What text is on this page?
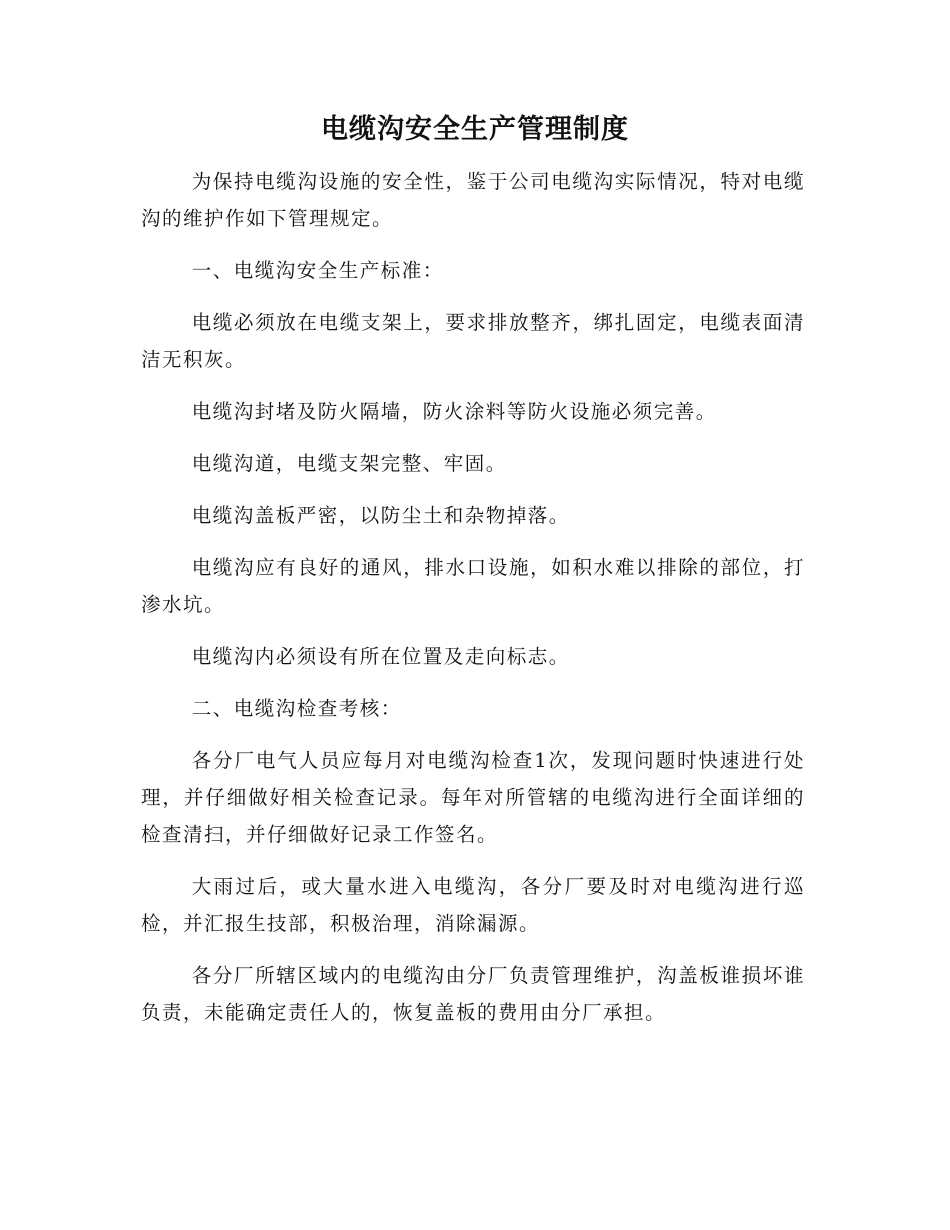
电缆沟安全生产管理制度

为保持电缆沟设施的安全性，鉴于公司电缆沟实际情况，特对电缆沟的维护作如下管理规定。

一、电缆沟安全生产标准：

电缆必须放在电缆支架上，要求排放整齐，绑扎固定，电缆表面清洁无积灰。

电缆沟封堵及防火隔墙，防火涂料等防火设施必须完善。

电缆沟道，电缆支架完整、牢固。

电缆沟盖板严密，以防尘土和杂物掉落。

电缆沟应有良好的通风，排水口设施，如积水难以排除的部位，打渗水坑。

电缆沟内必须设有所在位置及走向标志。

二、电缆沟检查考核：

各分厂电气人员应每月对电缆沟检查1次，发现问题时快速进行处理，并仔细做好相关检查记录。每年对所管辖的电缆沟进行全面详细的检查清扫，并仔细做好记录工作签名。

大雨过后，或大量水进入电缆沟，各分厂要及时对电缆沟进行巡检，并汇报生技部，积极治理，消除漏源。

各分厂所辖区域内的电缆沟由分厂负责管理维护，沟盖板谁损坏谁负责，未能确定责任人的，恢复盖板的费用由分厂承担。
